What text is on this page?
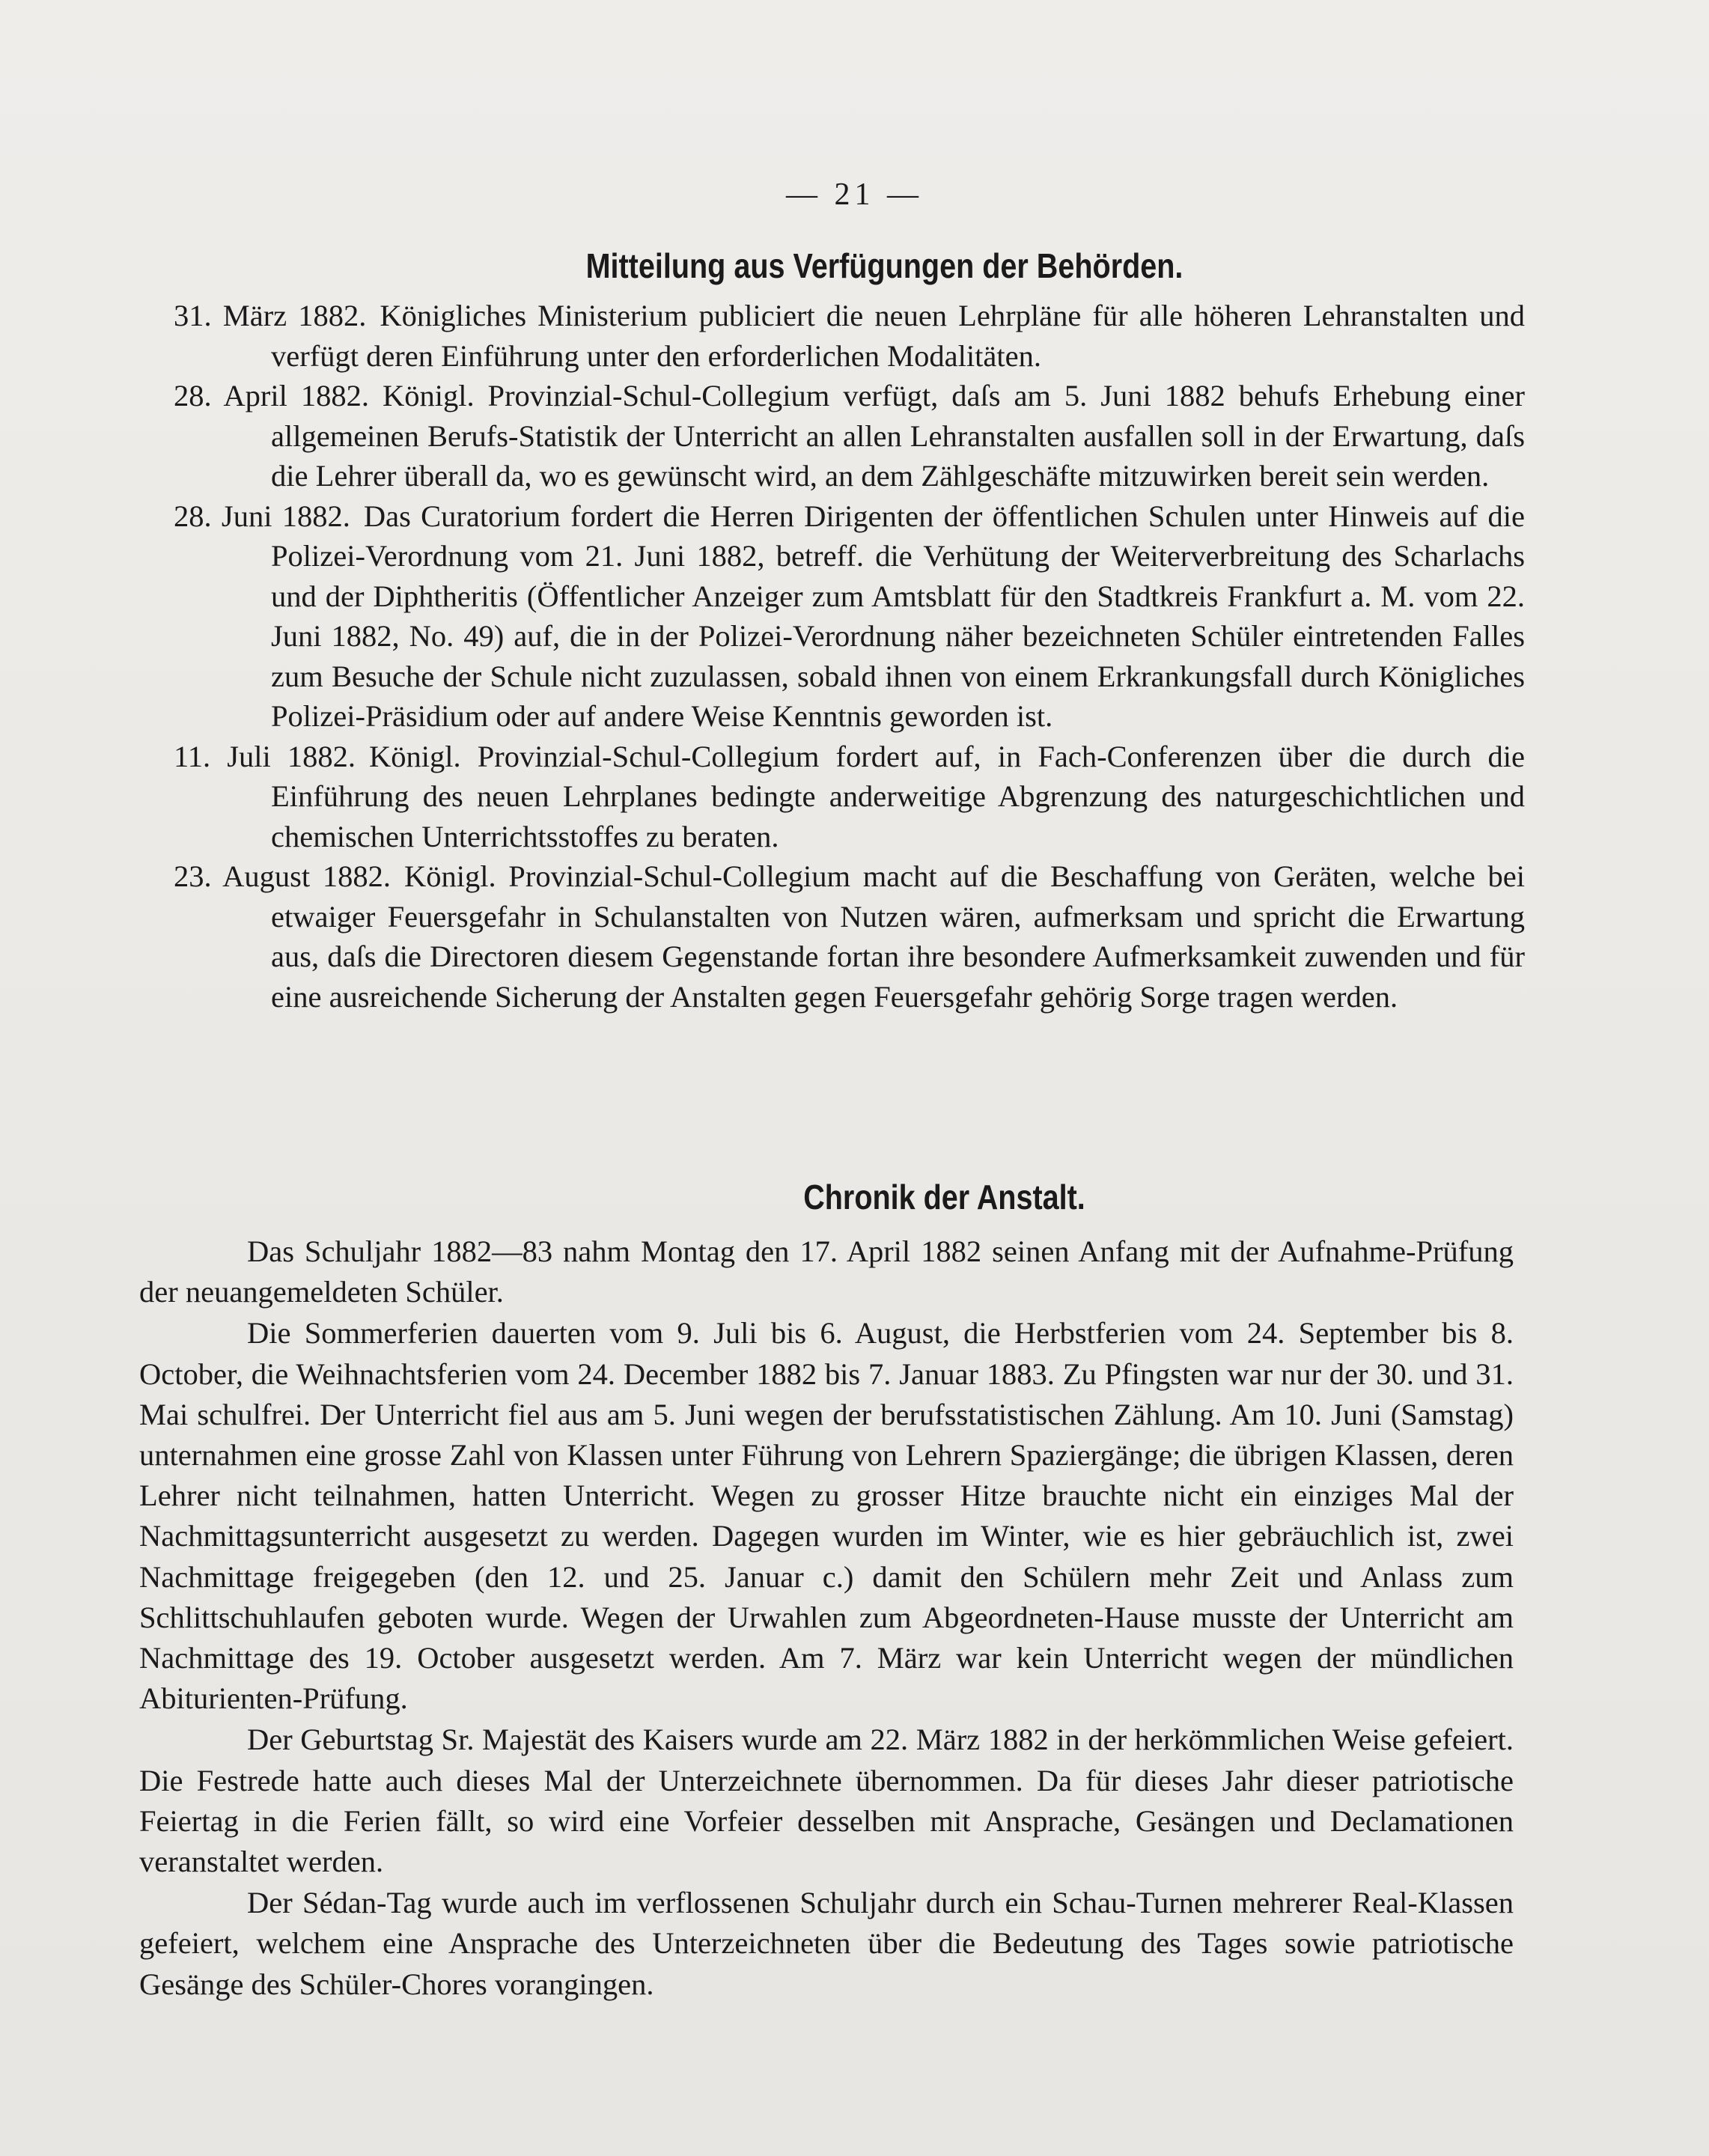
— 21 —
Mitteilung aus Verfügungen der Behörden.
31. März 1882. Königliches Ministerium publiciert die neuen Lehrpläne für alle höheren Lehranstalten und verfügt deren Einführung unter den erforderlichen Modalitäten.
28. April 1882. Königl. Provinzial-Schul-Collegium verfügt, daſs am 5. Juni 1882 behufs Erhebung einer allgemeinen Berufs-Statistik der Unterricht an allen Lehranstalten ausfallen soll in der Erwartung, daſs die Lehrer überall da, wo es gewünscht wird, an dem Zählgeschäfte mitzuwirken bereit sein werden.
28. Juni 1882. Das Curatorium fordert die Herren Dirigenten der öffentlichen Schulen unter Hinweis auf die Polizei-Verordnung vom 21. Juni 1882, betreff. die Verhütung der Weiterverbreitung des Scharlachs und der Diphtheritis (Öffentlicher Anzeiger zum Amtsblatt für den Stadtkreis Frankfurt a. M. vom 22. Juni 1882, No. 49) auf, die in der Polizei-Verordnung näher bezeichneten Schüler eintretenden Falles zum Besuche der Schule nicht zuzulassen, sobald ihnen von einem Erkrankungsfall durch Königliches Polizei-Präsidium oder auf andere Weise Kenntnis geworden ist.
11. Juli 1882. Königl. Provinzial-Schul-Collegium fordert auf, in Fach-Conferenzen über die durch die Einführung des neuen Lehrplanes bedingte anderweitige Abgrenzung des naturgeschichtlichen und chemischen Unterrichtsstoffes zu beraten.
23. August 1882. Königl. Provinzial-Schul-Collegium macht auf die Beschaffung von Geräten, welche bei etwaiger Feuersgefahr in Schulanstalten von Nutzen wären, aufmerksam und spricht die Erwartung aus, daſs die Directoren diesem Gegenstande fortan ihre besondere Aufmerksamkeit zuwenden und für eine ausreichende Sicherung der Anstalten gegen Feuersgefahr gehörig Sorge tragen werden.
Chronik der Anstalt.

Das Schuljahr 1882—83 nahm Montag den 17. April 1882 seinen Anfang mit der Aufnahme-Prüfung der neuangemeldeten Schüler.

Die Sommerferien dauerten vom 9. Juli bis 6. August, die Herbstferien vom 24. September bis 8. October, die Weihnachtsferien vom 24. December 1882 bis 7. Januar 1883. Zu Pfingsten war nur der 30. und 31. Mai schulfrei. Der Unterricht fiel aus am 5. Juni wegen der berufsstatistischen Zählung. Am 10. Juni (Samstag) unternahmen eine grosse Zahl von Klassen unter Führung von Lehrern Spaziergänge; die übrigen Klassen, deren Lehrer nicht teilnahmen, hatten Unterricht. Wegen zu grosser Hitze brauchte nicht ein einziges Mal der Nachmittagsunterricht ausgesetzt zu werden. Dagegen wurden im Winter, wie es hier gebräuchlich ist, zwei Nachmittage freigegeben (den 12. und 25. Januar c.) damit den Schülern mehr Zeit und Anlass zum Schlittschuhlaufen geboten wurde. Wegen der Urwahlen zum Abgeordneten-Hause musste der Unterricht am Nachmittage des 19. October ausgesetzt werden. Am 7. März war kein Unterricht wegen der mündlichen Abiturienten-Prüfung.

Der Geburtstag Sr. Majestät des Kaisers wurde am 22. März 1882 in der herkömmlichen Weise gefeiert. Die Festrede hatte auch dieses Mal der Unterzeichnete übernommen. Da für dieses Jahr dieser patriotische Feiertag in die Ferien fällt, so wird eine Vorfeier desselben mit Ansprache, Gesängen und Declamationen veranstaltet werden.

Der Sédan-Tag wurde auch im verflossenen Schuljahr durch ein Schau-Turnen mehrerer Real-Klassen gefeiert, welchem eine Ansprache des Unterzeichneten über die Bedeutung des Tages sowie patriotische Gesänge des Schüler-Chores vorangingen.
